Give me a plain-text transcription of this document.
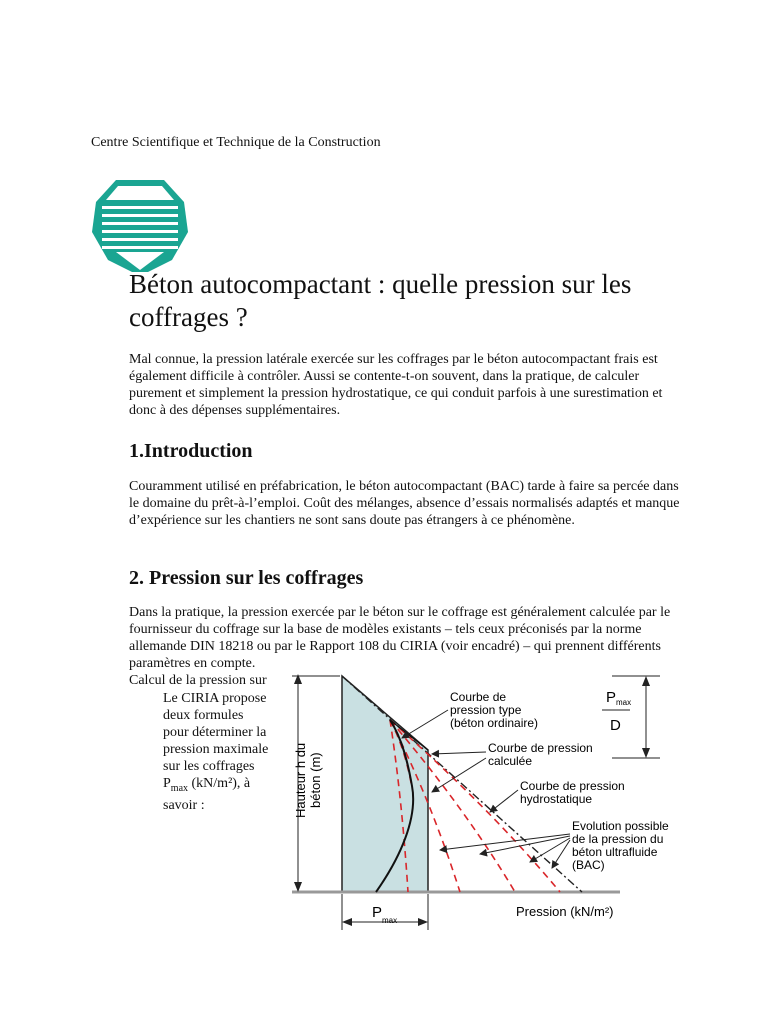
Centre Scientifique et Technique de la Construction
Béton autocompactant : quelle pression sur les coffrages ?

Mal connue, la pression latérale exercée sur les coffrages par le béton autocompactant frais est également difficile à contrôler. Aussi se contente-t-on souvent, dans la pratique, de calculer purement et simplement la pression hydrostatique, ce qui conduit parfois à une surestimation et donc à des dépenses supplémentaires.

1.Introduction

Couramment utilisé en préfabrication, le béton autocompactant (BAC) tarde à faire sa percée dans le domaine du prêt-à-l’emploi. Coût des mélanges, absence d’essais normalisés adaptés et manque d’expérience sur les chantiers ne sont sans doute pas étrangers à ce phénomène.

2. Pression sur les coffrages

Dans la pratique, la pression exercée par le béton sur le coffrage est généralement calculée par le fournisseur du coffrage sur la base de modèles existants – tels ceux préconisés par la norme allemande DIN 18218 ou par le Rapport 108 du CIRIA (voir encadré) – qui prennent différents paramètres en compte.

Calcul de la pression sur
Le CIRIA propose
deux formules
pour déterminer la
pression maximale
sur les coffrages
$P_{max}$ (kN/m²), à
savoir :	Hauteur h du béton (m)
P max
D
Courbe de
pression type
(béton ordinaire)
Courbe de pression
calculée
Courbe de pression
hydrostatique
Evolution possible
de la pression du
béton ultrafluide
(BAC)
P max
Pression (kN/m²)
